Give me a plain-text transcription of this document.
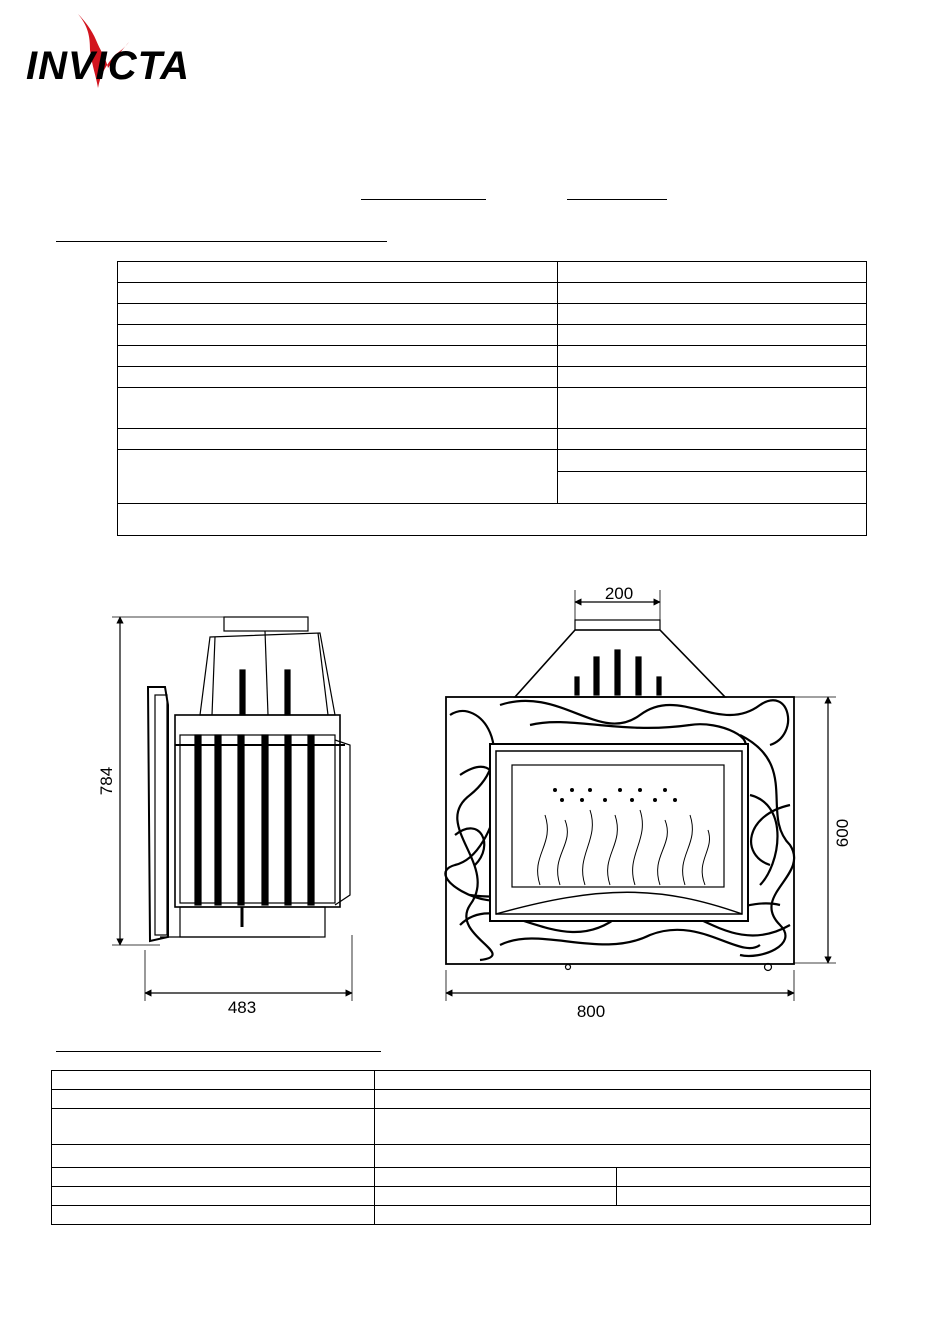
INVICTA

784
483
200
600
800
